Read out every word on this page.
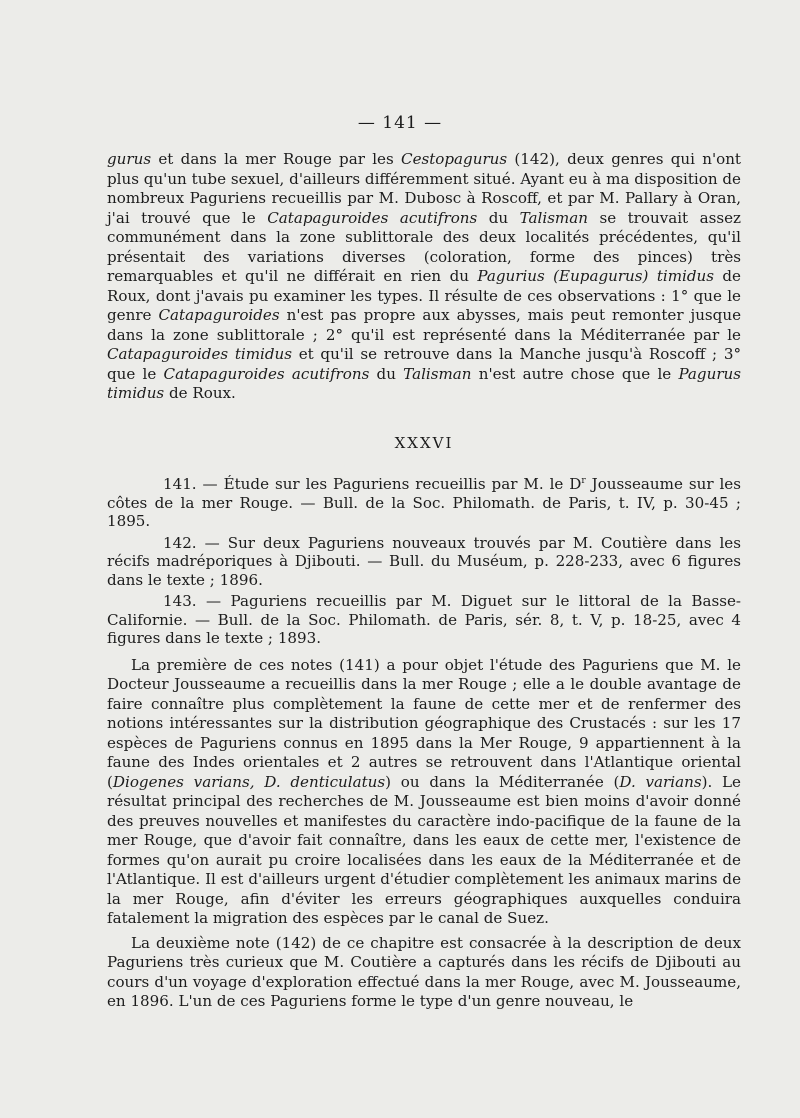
— 141 —

gurus et dans la mer Rouge par les Cestopagurus (142), deux genres qui n'ont plus qu'un tube sexuel, d'ailleurs différemment situé. Ayant eu à ma disposition de nombreux Paguriens recueillis par M. Dubosc à Roscoff, et par M. Pallary à Oran, j'ai trouvé que le Catapaguroides acutifrons du Talisman se trouvait assez communément dans la zone sublittorale des deux localités précédentes, qu'il présentait des variations diverses (coloration, forme des pinces) très remarquables et qu'il ne différait en rien du Pagurius (Eupagurus) timidus de Roux, dont j'avais pu examiner les types. Il résulte de ces observations : 1° que le genre Catapaguroides n'est pas propre aux abysses, mais peut remonter jusque dans la zone sublittorale ; 2° qu'il est représenté dans la Méditerranée par le Catapaguroides timidus et qu'il se retrouve dans la Manche jusqu'à Roscoff ; 3° que le Catapaguroides acutifrons du Talisman n'est autre chose que le Pagurus timidus de Roux.

XXXVI

141. — Étude sur les Paguriens recueillis par M. le $D^r$ Jousseaume sur les côtes de la mer Rouge. — Bull. de la Soc. Philomath. de Paris, t. IV, p. 30-45 ; 1895.

142. — Sur deux Paguriens nouveaux trouvés par M. Coutière dans les récifs madréporiques à Djibouti. — Bull. du Muséum, p. 228-233, avec 6 figures dans le texte ; 1896.

143. — Paguriens recueillis par M. Diguet sur le littoral de la Basse-Californie. — Bull. de la Soc. Philomath. de Paris, sér. 8, t. V, p. 18-25, avec 4 figures dans le texte ; 1893.

La première de ces notes (141) a pour objet l'étude des Paguriens que M. le Docteur Jousseaume a recueillis dans la mer Rouge ; elle a le double avantage de faire connaître plus complètement la faune de cette mer et de renfermer des notions intéressantes sur la distribution géographique des Crustacés : sur les 17 espèces de Paguriens connus en 1895 dans la Mer Rouge, 9 appartiennent à la faune des Indes orientales et 2 autres se retrouvent dans l'Atlantique oriental (Diogenes varians, D. denticulatus) ou dans la Méditerranée (D. varians). Le résultat principal des recherches de M. Jousseaume est bien moins d'avoir donné des preuves nouvelles et manifestes du caractère indo-pacifique de la faune de la mer Rouge, que d'avoir fait connaître, dans les eaux de cette mer, l'existence de formes qu'on aurait pu croire localisées dans les eaux de la Méditerranée et de l'Atlantique. Il est d'ailleurs urgent d'étudier complètement les animaux marins de la mer Rouge, afin d'éviter les erreurs géographiques auxquelles conduira fatalement la migration des espèces par le canal de Suez.

La deuxième note (142) de ce chapitre est consacrée à la description de deux Paguriens très curieux que M. Coutière a capturés dans les récifs de Djibouti au cours d'un voyage d'exploration effectué dans la mer Rouge, avec M. Jousseaume, en 1896. L'un de ces Paguriens forme le type d'un genre nouveau, le
